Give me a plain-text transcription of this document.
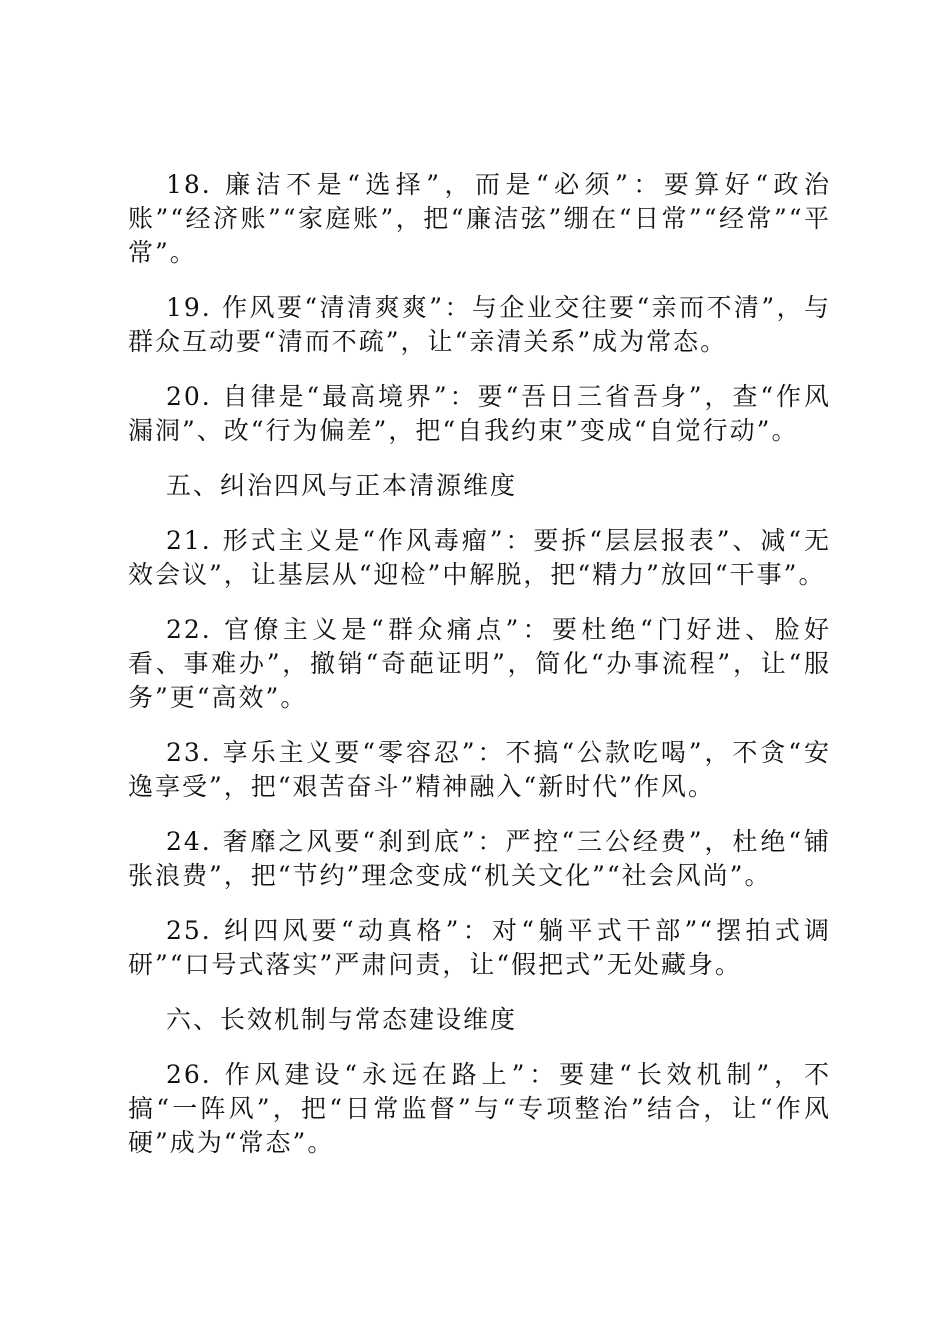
18. 廉洁不是“选择”，而是“必须”：要算好“政治账”“经济账”“家庭账”，把“廉洁弦”绷在“日常”“经常”“平常”。

19. 作风要“清清爽爽”：与企业交往要“亲而不清”，与群众互动要“清而不疏”，让“亲清关系”成为常态。

20. 自律是“最高境界”：要“吾日三省吾身”，查“作风漏洞”、改“行为偏差”，把“自我约束”变成“自觉行动”。

五、纠治四风与正本清源维度

21. 形式主义是“作风毒瘤”：要拆“层层报表”、减“无效会议”，让基层从“迎检”中解脱，把“精力”放回“干事”。

22. 官僚主义是“群众痛点”：要杜绝“门好进、脸好看、事难办”，撤销“奇葩证明”，简化“办事流程”，让“服务”更“高效”。

23. 享乐主义要“零容忍”：不搞“公款吃喝”，不贪“安逸享受”，把“艰苦奋斗”精神融入“新时代”作风。

24. 奢靡之风要“刹到底”：严控“三公经费”，杜绝“铺张浪费”，把“节约”理念变成“机关文化”“社会风尚”。

25. 纠四风要“动真格”：对“躺平式干部”“摆拍式调研”“口号式落实”严肃问责，让“假把式”无处藏身。

六、长效机制与常态建设维度

26. 作风建设“永远在路上”：要建“长效机制”，不搞“一阵风”，把“日常监督”与“专项整治”结合，让“作风硬”成为“常态”。
